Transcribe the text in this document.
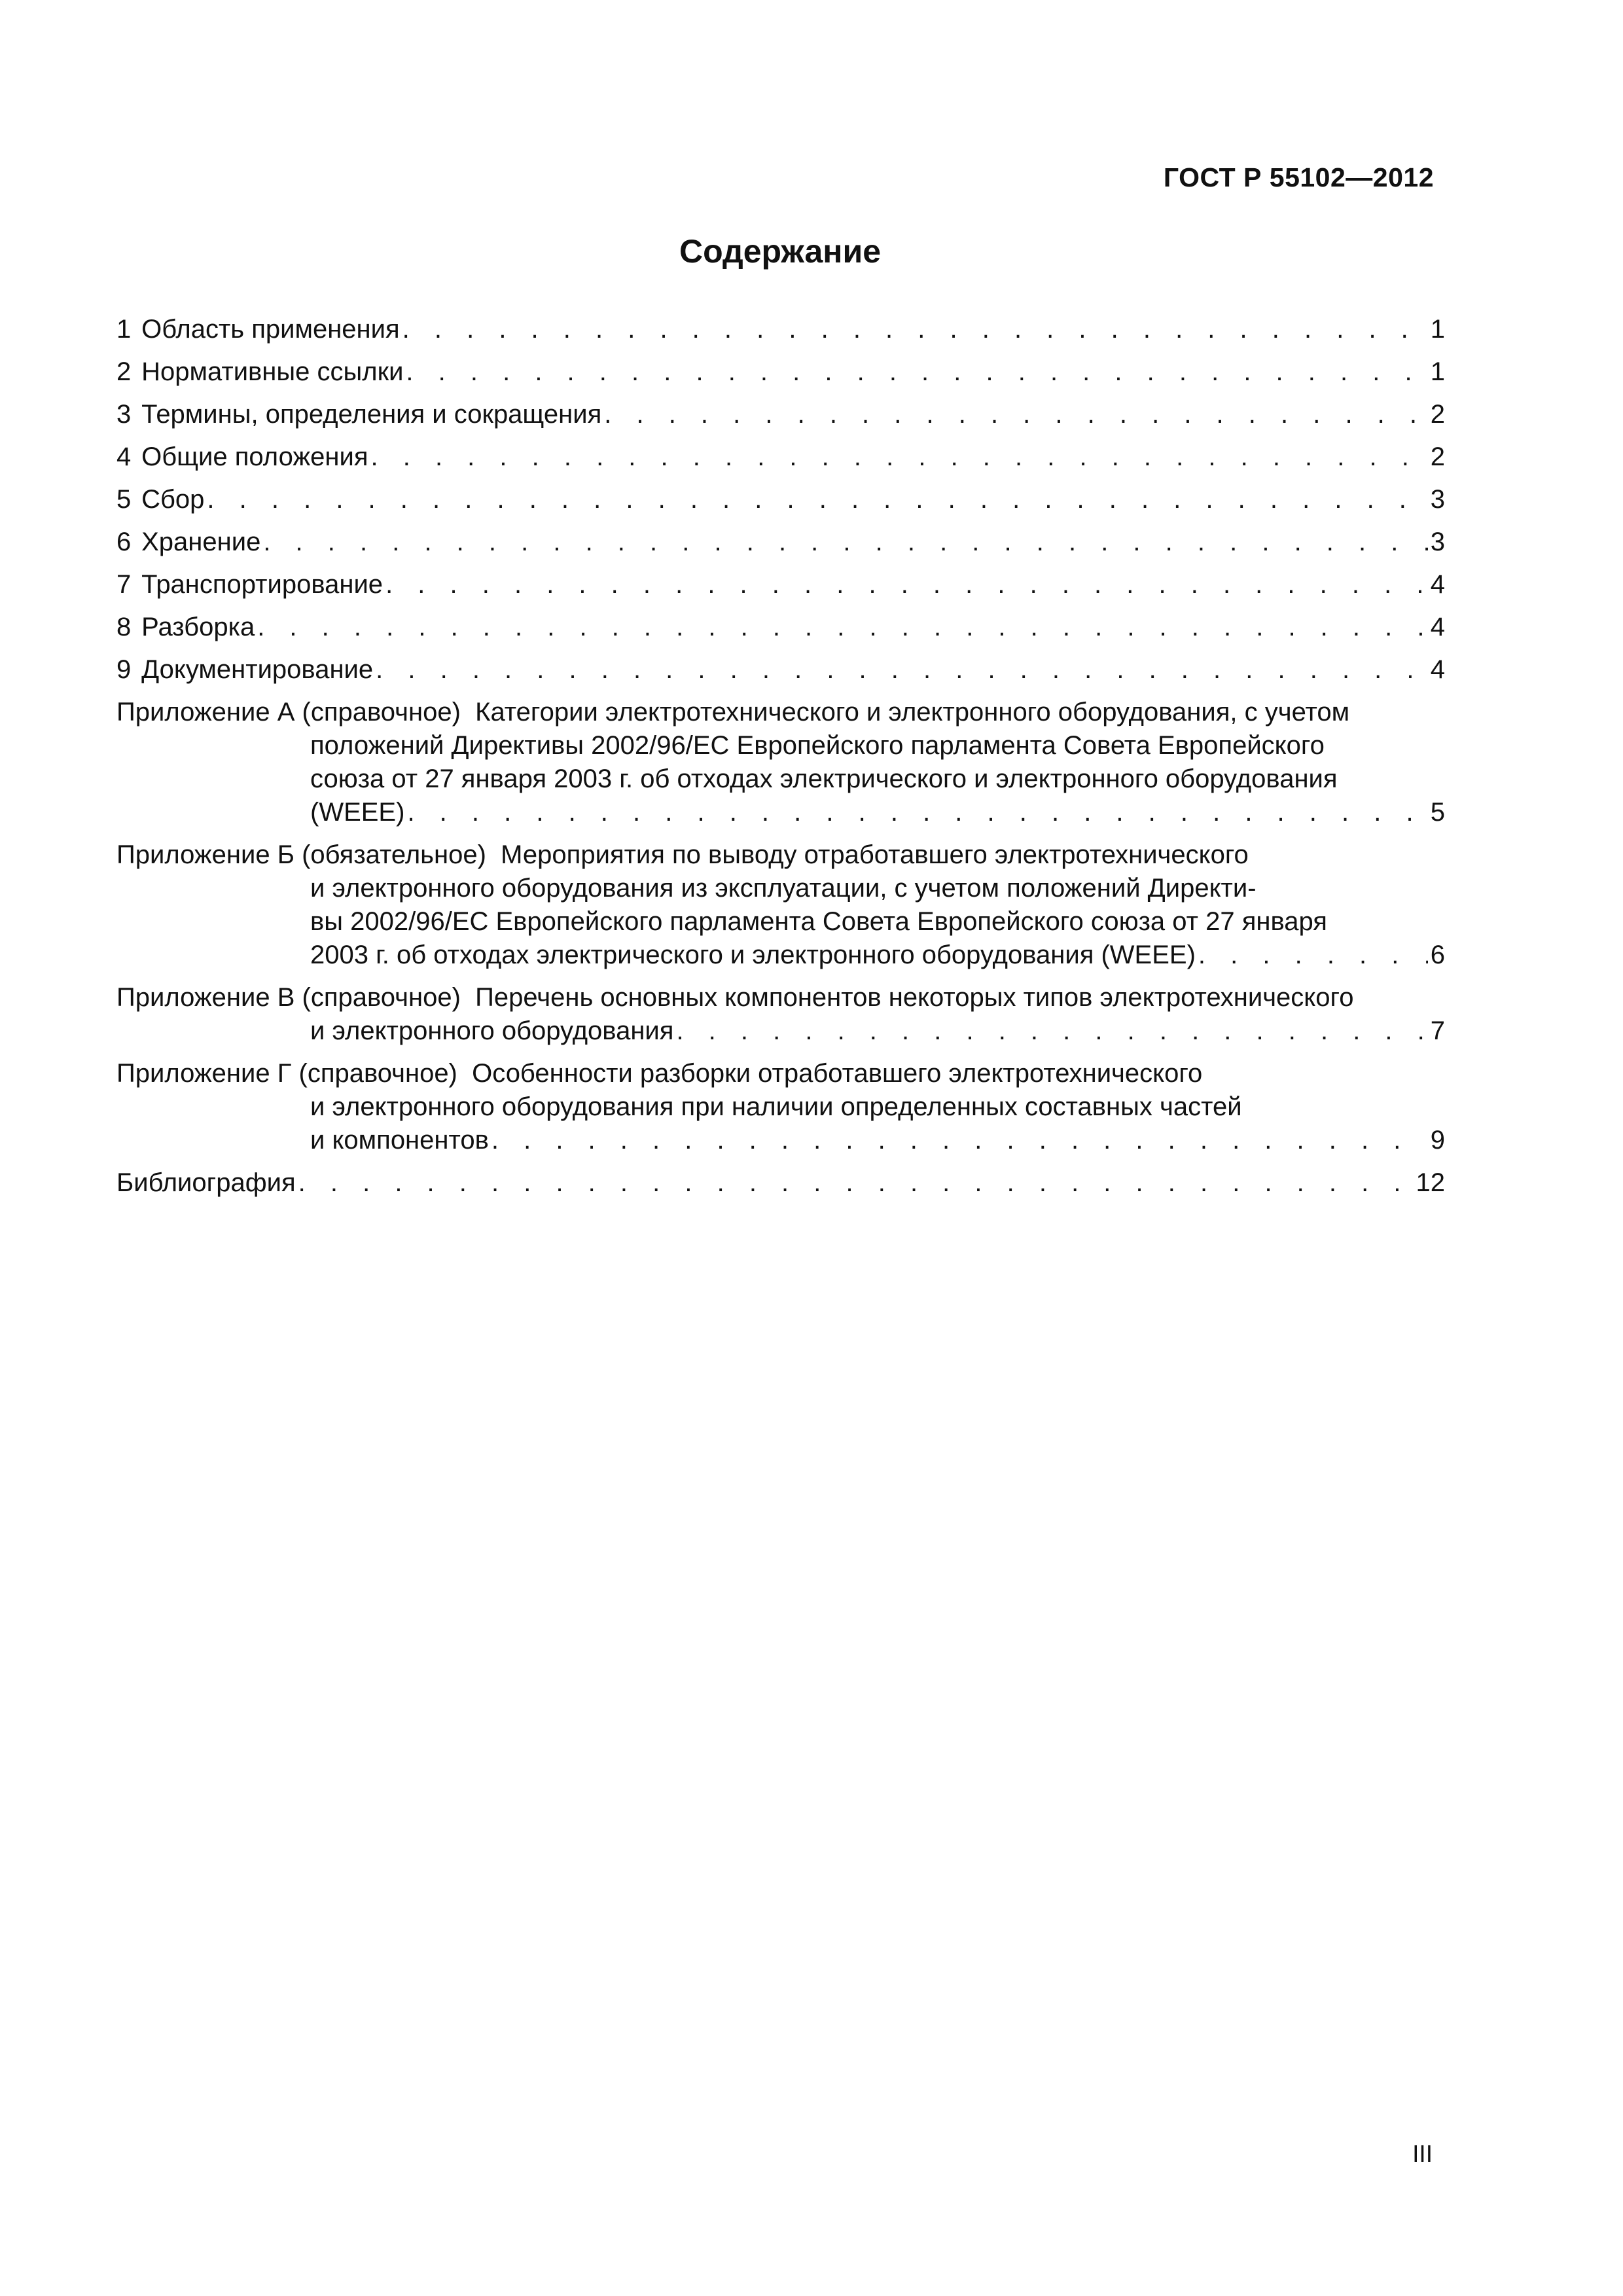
ГОСТ Р 55102—2012
Содержание
1 Область применения . . .	1
2 Нормативные ссылки . . .	1
3 Термины, определения и сокращения . . .	2
4 Общие положения . . .	2
5 Сбор . . .	3
6 Хранение . . .	3
7 Транспортирование . . .	4
8 Разборка . . .	4
9 Документирование . . .	4
Приложение А (справочное) Категории электротехнического и электронного оборудования, с учетом
положений Директивы 2002/96/ЕС Европейского парламента Совета Европейского
союза от 27 января 2003 г. об отходах электрического и электронного оборудования
(WEEE) . . .	5
Приложение Б (обязательное) Мероприятия по выводу отработавшего электротехнического
и электронного оборудования из эксплуатации, с учетом положений Директи-
вы 2002/96/ЕС Европейского парламента Совета Европейского союза от 27 января
2003 г. об отходах электрического и электронного оборудования (WEEE) . . .	6
Приложение В (справочное) Перечень основных компонентов некоторых типов электротехнического
и электронного оборудования . . .	7
Приложение Г (справочное) Особенности разборки отработавшего электротехнического
и электронного оборудования при наличии определенных составных частей
и компонентов . . .	9
Библиография . . .	12
III
